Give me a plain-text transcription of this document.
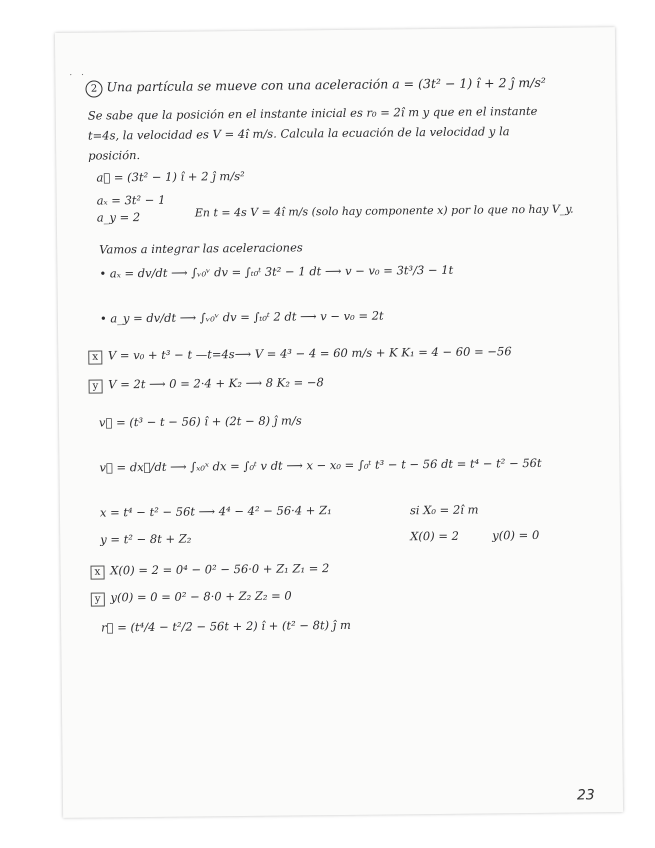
· ·
2 Una partícula se mueve con una aceleración a = (3t² − 1) î + 2 ĵ m/s²
Se sabe que la posición en el instante inicial es r₀ = 2î m y que en el instante
t=4s, la velocidad es V = 4î m/s. Calcula la ecuación de la velocidad y la
posición.
a⃗ = (3t² − 1) î + 2 ĵ m/s²
aₓ = 3t² − 1
a_y = 2	En t = 4s V = 4î m/s (solo hay componente x) por lo que no hay V_y.
Vamos a integrar las aceleraciones
• aₓ = dv/dt ⟶ ∫ᵥ₀ᵛ dv = ∫ₜ₀ᵗ 3t² − 1 dt ⟶ v − v₀ = 3t³/3 − 1t
• a_y = dv/dt ⟶ ∫ᵥ₀ᵛ dv = ∫ₜ₀ᵗ 2 dt ⟶ v − v₀ = 2t
x V = v₀ + t³ − t —t=4s⟶ V = 4³ − 4 = 60 m/s + K K₁ = 4 − 60 = −56
y V = 2t ⟶ 0 = 2·4 + K₂ ⟶ 8 K₂ = −8
v⃗ = (t³ − t − 56) î + (2t − 8) ĵ m/s
v⃗ = dx⃗/dt ⟶ ∫ₓ₀ˣ dx = ∫₀ᵗ v dt ⟶ x − x₀ = ∫₀ᵗ t³ − t − 56 dt = t⁴ − t² − 56t
x = t⁴ − t² − 56t ⟶ 4⁴ − 4² − 56·4 + Z₁	si X₀ = 2î m
y = t² − 8t + Z₂	X(0) = 2	y(0) = 0
x X(0) = 2 = 0⁴ − 0² − 56·0 + Z₁ Z₁ = 2
y y(0) = 0 = 0² − 8·0 + Z₂ Z₂ = 0
r⃗ = (t⁴/4 − t²/2 − 56t + 2) î + (t² − 8t) ĵ m
23
